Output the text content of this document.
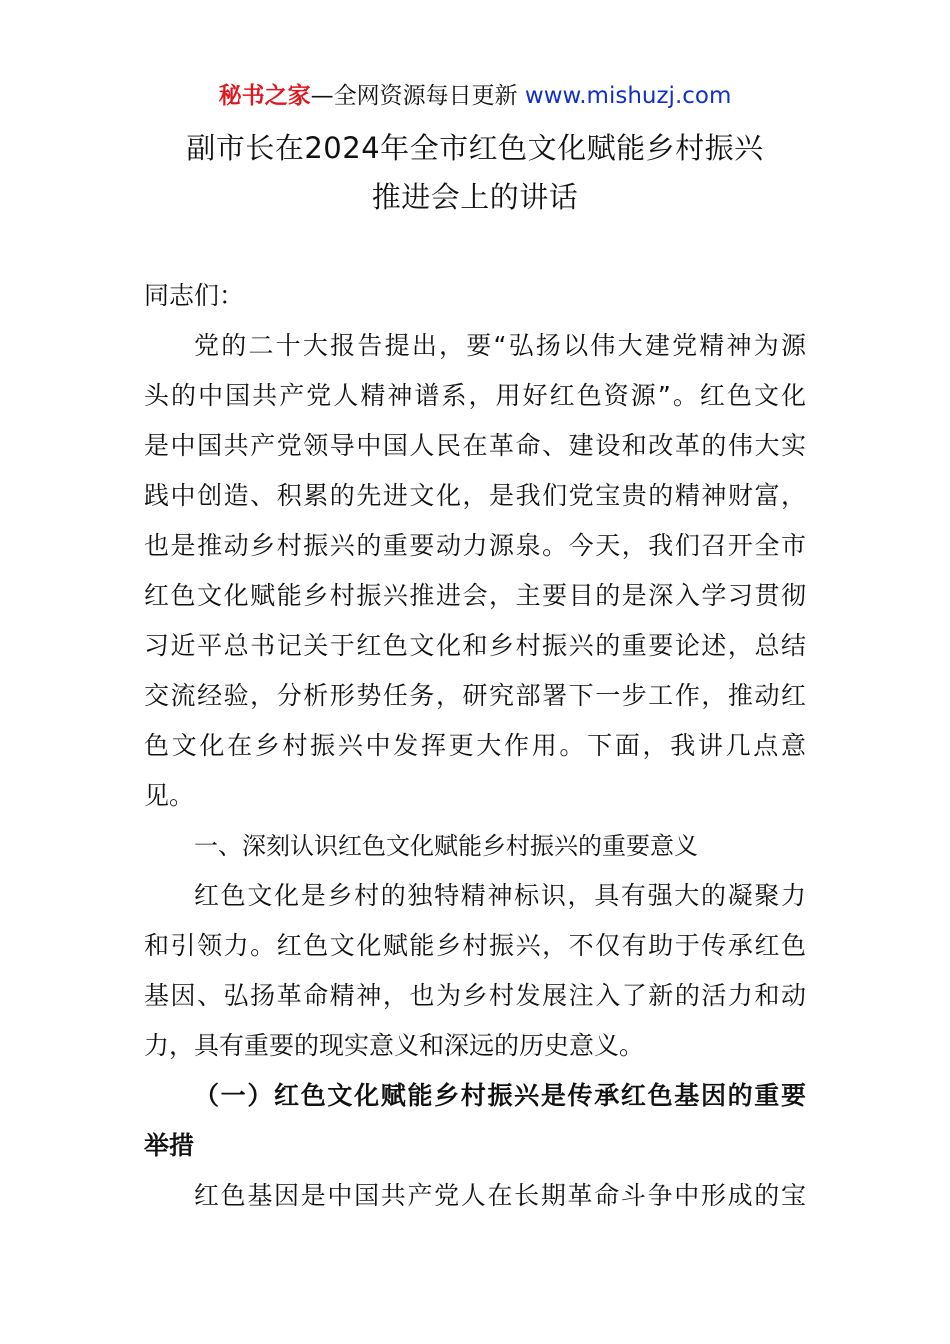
秘书之家—全网资源每日更新 www.mishuzj.com
副市长在2024年全市红色文化赋能乡村振兴
推进会上的讲话
同志们：
党的二十大报告提出，要“弘扬以伟大建党精神为源
头的中国共产党人精神谱系，用好红色资源”。红色文化
是中国共产党领导中国人民在革命、建设和改革的伟大实
践中创造、积累的先进文化，是我们党宝贵的精神财富，
也是推动乡村振兴的重要动力源泉。今天，我们召开全市
红色文化赋能乡村振兴推进会，主要目的是深入学习贯彻
习近平总书记关于红色文化和乡村振兴的重要论述，总结
交流经验，分析形势任务，研究部署下一步工作，推动红
色文化在乡村振兴中发挥更大作用。下面，我讲几点意
见。
一、深刻认识红色文化赋能乡村振兴的重要意义
红色文化是乡村的独特精神标识，具有强大的凝聚力
和引领力。红色文化赋能乡村振兴，不仅有助于传承红色
基因、弘扬革命精神，也为乡村发展注入了新的活力和动
力，具有重要的现实意义和深远的历史意义。
（一）红色文化赋能乡村振兴是传承红色基因的重要
举措
红色基因是中国共产党人在长期革命斗争中形成的宝
